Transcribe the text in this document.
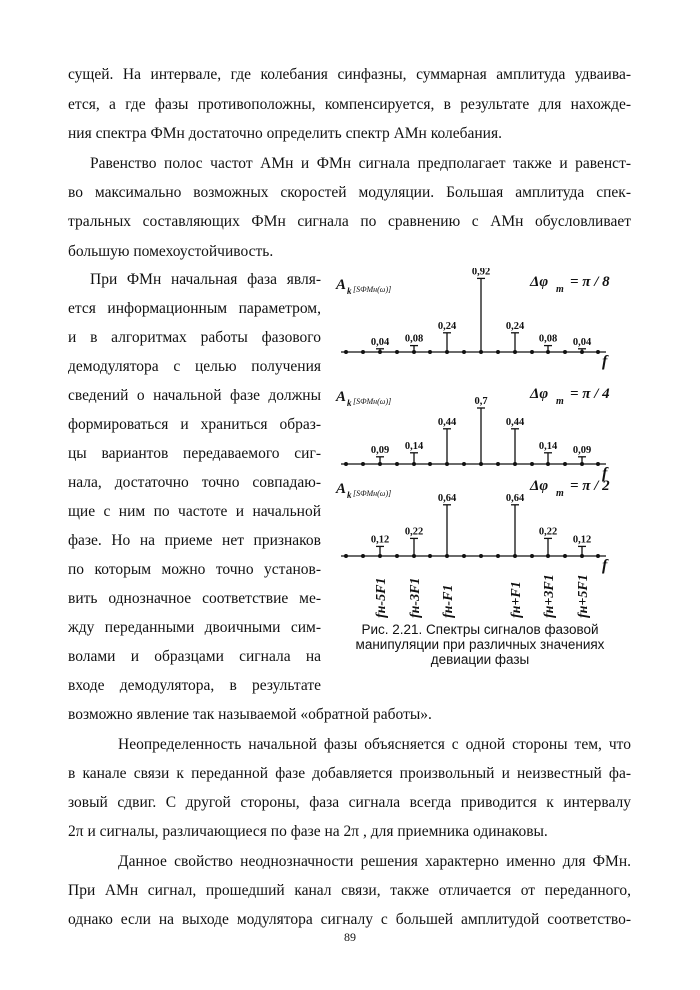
сущей. На интервале, где колебания синфазны, суммарная амплитуда удваива-
ется, а где фазы противоположны, компенсируется, в результате для нахожде-
ния спектра ФМн достаточно определить спектр АМн колебания.
Равенство полос частот АМн и ФМн сигнала предполагает также и равенст-
во максимально возможных скоростей модуляции. Большая амплитуда спек-
тральных составляющих ФМн сигнала по сравнению с АМн обусловливает
большую помехоустойчивость.
При ФМн начальная фаза явля-
ется информационным параметром,
и в алгоритмах работы фазового
демодулятора с целью получения
сведений о начальной фазе должны
формироваться и храниться образ-
цы вариантов передаваемого сиг-
нала, достаточно точно совпадаю-
щие с ним по частоте и начальной
фазе. Но на приеме нет признаков
по которым можно точно установ-
вить однозначное соответствие ме-
жду переданными двоичными сим-
волами и образцами сигнала на
входе демодулятора, в результате
возможно явление так называемой «обратной работы».
Неопределенность начальной фазы объясняется с одной стороны тем, что
в канале связи к переданной фазе добавляется произвольный и неизвестный фа-
зовый сдвиг. С другой стороны, фаза сигнала всегда приводится к интервалу
2π и сигналы, различающиеся по фазе на 2π , для приемника одинаковы.
Данное свойство неоднозначности решения характерно именно для ФМн.
При АМн сигнал, прошедший канал связи, также отличается от переданного,
однако если на выходе модулятора сигналу с большей амплитудой соответство-
f
A k [SФМн(ω)]	Δφ m = π / 8
0,04 0,08
0,24
0,92
0,24
0,08 0,04
f
A k [SФМн(ω)]	Δφ m = π / 4
0,09 0,14
0,44
0,7
0,44
0,14 0,09
f
A k [SФМн(ω)]	Δφ m = π / 2
0,12
0,22
0,64	0,64
0,22
0,12
fн-5F1 fн-3F1 fн-F1	fн+F1 fн+3F1 fн+5F1
Рис. 2.21. Спектры сигналов фазовой
манипуляции при различных значениях
девиации фазы
89
